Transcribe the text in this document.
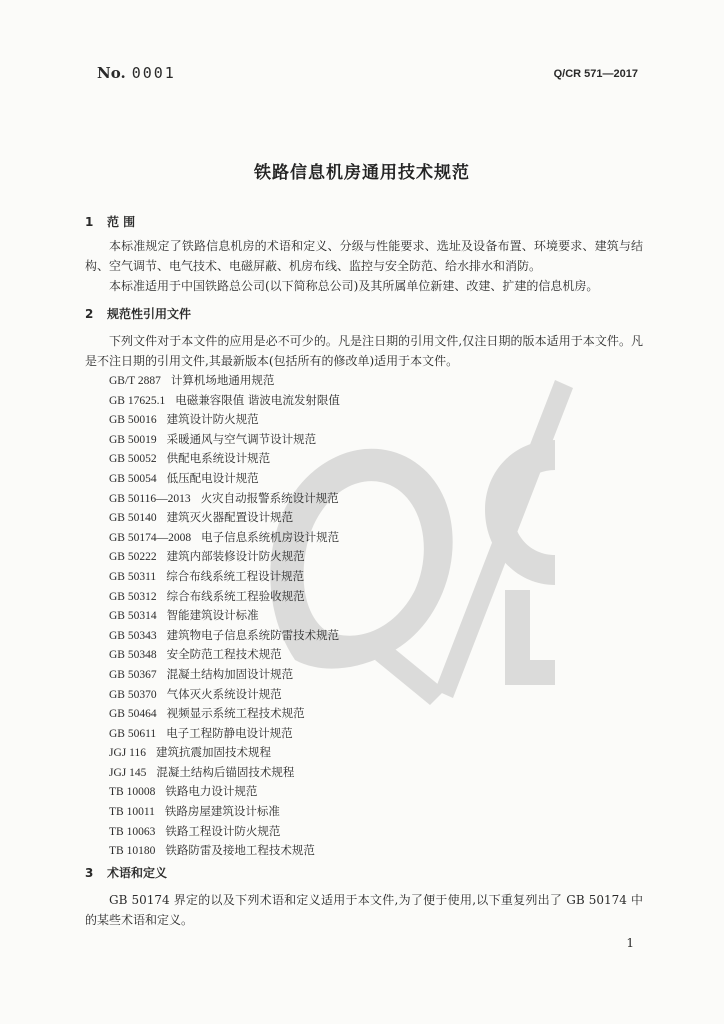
No. 0001	Q/CR 571—2017
铁路信息机房通用技术规范
1 范 围

本标准规定了铁路信息机房的术语和定义、分级与性能要求、选址及设备布置、环境要求、建筑与结构、空气调节、电气技术、电磁屏蔽、机房布线、监控与安全防范、给水排水和消防。

本标准适用于中国铁路总公司(以下简称总公司)及其所属单位新建、改建、扩建的信息机房。

2 规范性引用文件

下列文件对于本文件的应用是必不可少的。凡是注日期的引用文件,仅注日期的版本适用于本文件。凡是不注日期的引用文件,其最新版本(包括所有的修改单)适用于本文件。

GB/T 2887 计算机场地通用规范
GB 17625.1 电磁兼容限值 谐波电流发射限值
GB 50016 建筑设计防火规范
GB 50019 采暖通风与空气调节设计规范
GB 50052 供配电系统设计规范
GB 50054 低压配电设计规范
GB 50116—2013 火灾自动报警系统设计规范
GB 50140 建筑灭火器配置设计规范
GB 50174—2008 电子信息系统机房设计规范
GB 50222 建筑内部装修设计防火规范
GB 50311 综合布线系统工程设计规范
GB 50312 综合布线系统工程验收规范
GB 50314 智能建筑设计标准
GB 50343 建筑物电子信息系统防雷技术规范
GB 50348 安全防范工程技术规范
GB 50367 混凝土结构加固设计规范
GB 50370 气体灭火系统设计规范
GB 50464 视频显示系统工程技术规范
GB 50611 电子工程防静电设计规范
JGJ 116 建筑抗震加固技术规程
JGJ 145 混凝土结构后锚固技术规程
TB 10008 铁路电力设计规范
TB 10011 铁路房屋建筑设计标准
TB 10063 铁路工程设计防火规范
TB 10180 铁路防雷及接地工程技术规范
3 术语和定义

GB 50174 界定的以及下列术语和定义适用于本文件,为了便于使用,以下重复列出了 GB 50174 中的某些术语和定义。

1
